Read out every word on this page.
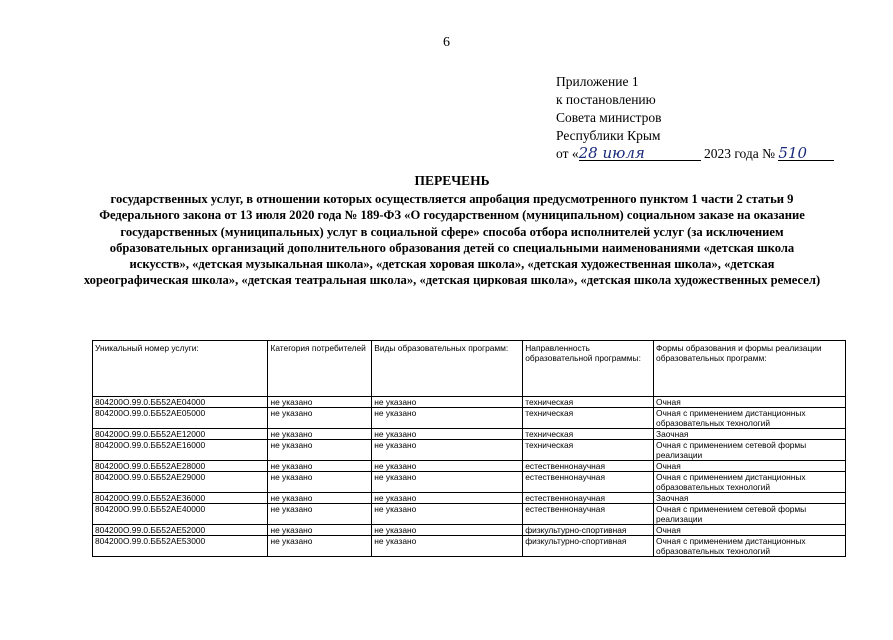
6
Приложение 1
к постановлению
Советa министров
Республики Крым
от «28 июля	2023 года № 510
ПЕРЕЧЕНЬ
государственных услуг, в отношении которых осуществляется апробация предусмотренного пунктом 1 части 2 статьи 9 Федерального закона от 13 июля 2020 года № 189-ФЗ «О государственном (муниципальном) социальном заказе на оказание государственных (муниципальных) услуг в социальной сфере» способа отбора исполнителей услуг (за исключением образовательных организаций дополнительного образования детей со специальными наименованиями «детская школа искусств», «детская музыкальная школа», «детская хоровая школа», «детская художественная школа», «детская хореографическая школа», «детская театральная школа», «детская цирковая школа», «детская школа художественных ремесел)
Уникальный номер услуги:	Категория потребителей	Виды образовательных программ:	Направленность образовательной программы:	Формы образования и формы реализации образовательных программ:
804200О.99.0.ББ52АЕ04000	не указано	не указано	техническая	Очная
804200О.99.0.ББ52АЕ05000	не указано	не указано	техническая	Очная с применением дистанционных образовательных технологий
804200О.99.0.ББ52АЕ12000	не указано	не указано	техническая	Заочная
804200О.99.0.ББ52АЕ16000	не указано	не указано	техническая	Очная с применением сетевой формы реализации
804200О.99.0.ББ52АЕ28000	не указано	не указано	естественнонаучная	Очная
804200О.99.0.ББ52АЕ29000	не указано	не указано	естественнонаучная	Очная с применением дистанционных образовательных технологий
804200О.99.0.ББ52АЕ36000	не указано	не указано	естественнонаучная	Заочная
804200О.99.0.ББ52АЕ40000	не указано	не указано	естественнонаучная	Очная с применением сетевой формы реализации
804200О.99.0.ББ52АЕ52000	не указано	не указано	физкультурно-спортивная	Очная
804200О.99.0.ББ52АЕ53000	не указано	не указано	физкультурно-спортивная	Очная с применением дистанционных образовательных технологий
